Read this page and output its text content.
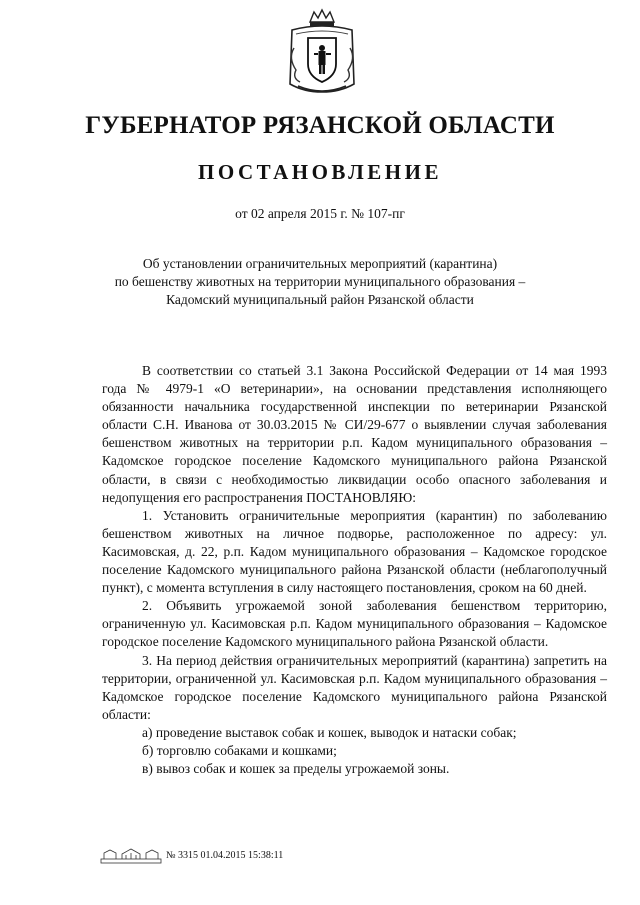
ГУБЕРНАТОР РЯЗАНСКОЙ ОБЛАСТИ
ПОСТАНОВЛЕНИЕ
от 02 апреля 2015 г. № 107-пг
Об установлении ограничительных мероприятий (карантина)
по бешенству животных на территории муниципального образования –
Кадомский муниципальный район Рязанской области

В соответствии со статьей 3.1 Закона Российской Федерации от 14 мая 1993 года № 4979-1 «О ветеринарии», на основании представления исполняющего обязанности начальника государственной инспекции по ветеринарии Рязанской области С.Н. Иванова от 30.03.2015 № СИ/29-677 о выявлении случая заболевания бешенством животных на территории р.п. Кадом муниципального образования – Кадомское городское поселение Кадомского муниципального района Рязанской области, в связи с необходимостью ликвидации особо опасного заболевания и недопущения его распространения ПОСТАНОВЛЯЮ:

1. Установить ограничительные мероприятия (карантин) по заболеванию бешенством животных на личное подворье, расположенное по адресу: ул. Касимовская, д. 22, р.п. Кадом муниципального образования – Кадомское городское поселение Кадомского муниципального района Рязанской области (неблагополучный пункт), с момента вступления в силу настоящего постановления, сроком на 60 дней.

2. Объявить угрожаемой зоной заболевания бешенством территорию, ограниченную ул. Касимовская р.п. Кадом муниципального образования – Кадомское городское поселение Кадомского муниципального района Рязанской области.

3. На период действия ограничительных мероприятий (карантина) запретить на территории, ограниченной ул. Касимовская р.п. Кадом муниципального образования – Кадомское городское поселение Кадомского муниципального района Рязанской области:

а) проведение выставок собак и кошек, выводок и натаски собак;

б) торговлю собаками и кошками;

в) вывоз собак и кошек за пределы угрожаемой зоны.

№ 3315 01.04.2015 15:38:11
